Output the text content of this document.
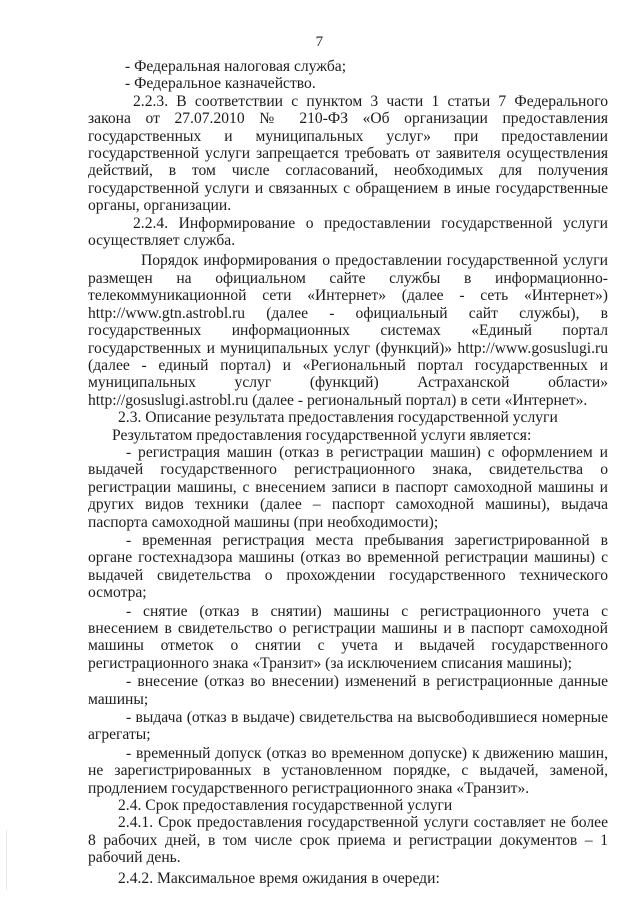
7

- Федеральная налоговая служба;

- Федеральное казначейство.

2.2.3. В соответствии с пунктом 3 части 1 статьи 7 Федерального закона от 27.07.2010 № 210-ФЗ «Об организации предоставления государственных и муниципальных услуг» при предоставлении государственной услуги запрещается требовать от заявителя осуществления действий, в том числе согласований, необходимых для получения государственной услуги и связанных с обращением в иные государственные органы, организации.

2.2.4. Информирование о предоставлении государственной услуги осуществляет служба.

Порядок информирования о предоставлении государственной услуги размещен на официальном сайте службы в информационно-телекоммуникационной сети «Интернет» (далее - сеть «Интернет») http://www.gtn.astrobl.ru (далее - официальный сайт службы), в государственных информационных системах «Единый портал государственных и муниципальных услуг (функций)» http://www.gosuslugi.ru (далее - единый портал) и «Региональный портал государственных и муниципальных услуг (функций) Астраханской области» http://gosuslugi.astrobl.ru (далее - региональный портал) в сети «Интернет».

2.3. Описание результата предоставления государственной услуги

Результатом предоставления государственной услуги является:

- регистрация машин (отказ в регистрации машин) с оформлением и выдачей государственного регистрационного знака, свидетельства о регистрации машины, с внесением записи в паспорт самоходной машины и других видов техники (далее – паспорт самоходной машины), выдача паспорта самоходной машины (при необходимости);

- временная регистрация места пребывания зарегистрированной в органе гостехнадзора машины (отказ во временной регистрации машины) с выдачей свидетельства о прохождении государственного технического осмотра;

- снятие (отказ в снятии) машины с регистрационного учета с внесением в свидетельство о регистрации машины и в паспорт самоходной машины отметок о снятии с учета и выдачей государственного регистрационного знака «Транзит» (за исключением списания машины);

- внесение (отказ во внесении) изменений в регистрационные данные машины;

- выдача (отказ в выдаче) свидетельства на высвободившиеся номерные агрегаты;

- временный допуск (отказ во временном допуске) к движению машин, не зарегистрированных в установленном порядке, с выдачей, заменой, продлением государственного регистрационного знака «Транзит».

2.4. Срок предоставления государственной услуги

2.4.1. Срок предоставления государственной услуги составляет не более 8 рабочих дней, в том числе срок приема и регистрации документов – 1 рабочий день.

2.4.2. Максимальное время ожидания в очереди:
